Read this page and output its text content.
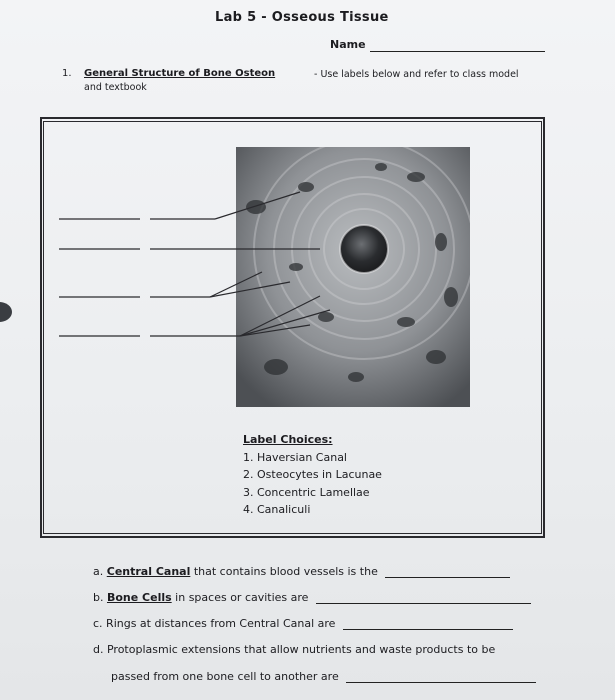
Lab 5 - Osseous Tissue
Name
1. General Structure of Bone Osteon	- Use labels below and refer to class model
and textbook
Label Choices:
1. Haversian Canal
2. Osteocytes in Lacunae
3. Concentric Lamellae
4. Canaliculi
a. Central Canal that contains blood vessels is the
b. Bone Cells in spaces or cavities are
c. Rings at distances from Central Canal are
d. Protoplasmic extensions that allow nutrients and waste products to be
passed from one bone cell to another are
